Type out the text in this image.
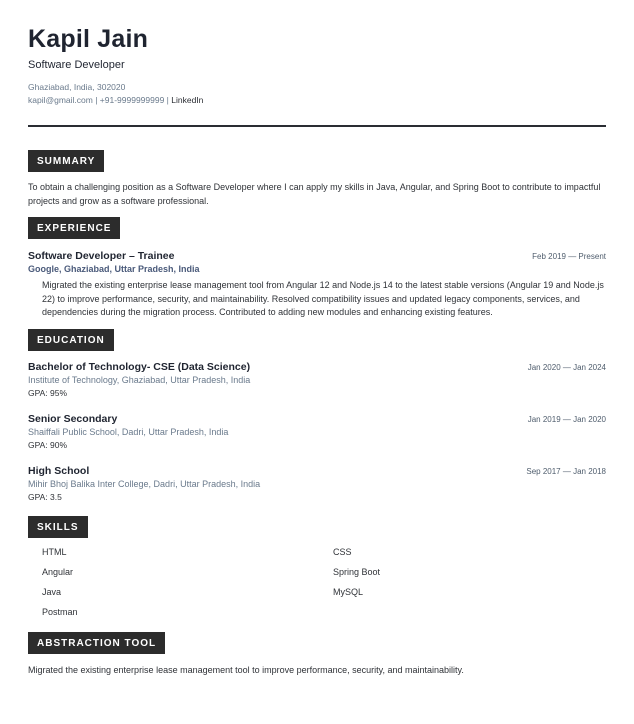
Kapil Jain
Software Developer
Ghaziabad, India, 302020
kapil@gmail.com | +91-9999999999 | LinkedIn
SUMMARY
To obtain a challenging position as a Software Developer where I can apply my skills in Java, Angular, and Spring Boot to contribute to impactful projects and grow as a software professional.
EXPERIENCE
Software Developer – Trainee	Feb 2019 — Present
Google, Ghaziabad, Uttar Pradesh, India
Migrated the existing enterprise lease management tool from Angular 12 and Node.js 14 to the latest stable versions (Angular 19 and Node.js 22) to improve performance, security, and maintainability. Resolved compatibility issues and updated legacy components, services, and dependencies during the migration process. Contributed to adding new modules and enhancing existing features.
EDUCATION
Bachelor of Technology- CSE (Data Science)	Jan 2020 — Jan 2024
Institute of Technology, Ghaziabad, Uttar Pradesh, India
GPA: 95%
Senior Secondary	Jan 2019 — Jan 2020
Shaiffali Public School, Dadri, Uttar Pradesh, India
GPA: 90%
High School	Sep 2017 — Jan 2018
Mihir Bhoj Balika Inter College, Dadri, Uttar Pradesh, India
GPA: 3.5
SKILLS
HTML	CSS
Angular	Spring Boot
Java	MySQL
Postman
ABSTRACTION TOOL
Migrated the existing enterprise lease management tool to improve performance, security, and maintainability.
